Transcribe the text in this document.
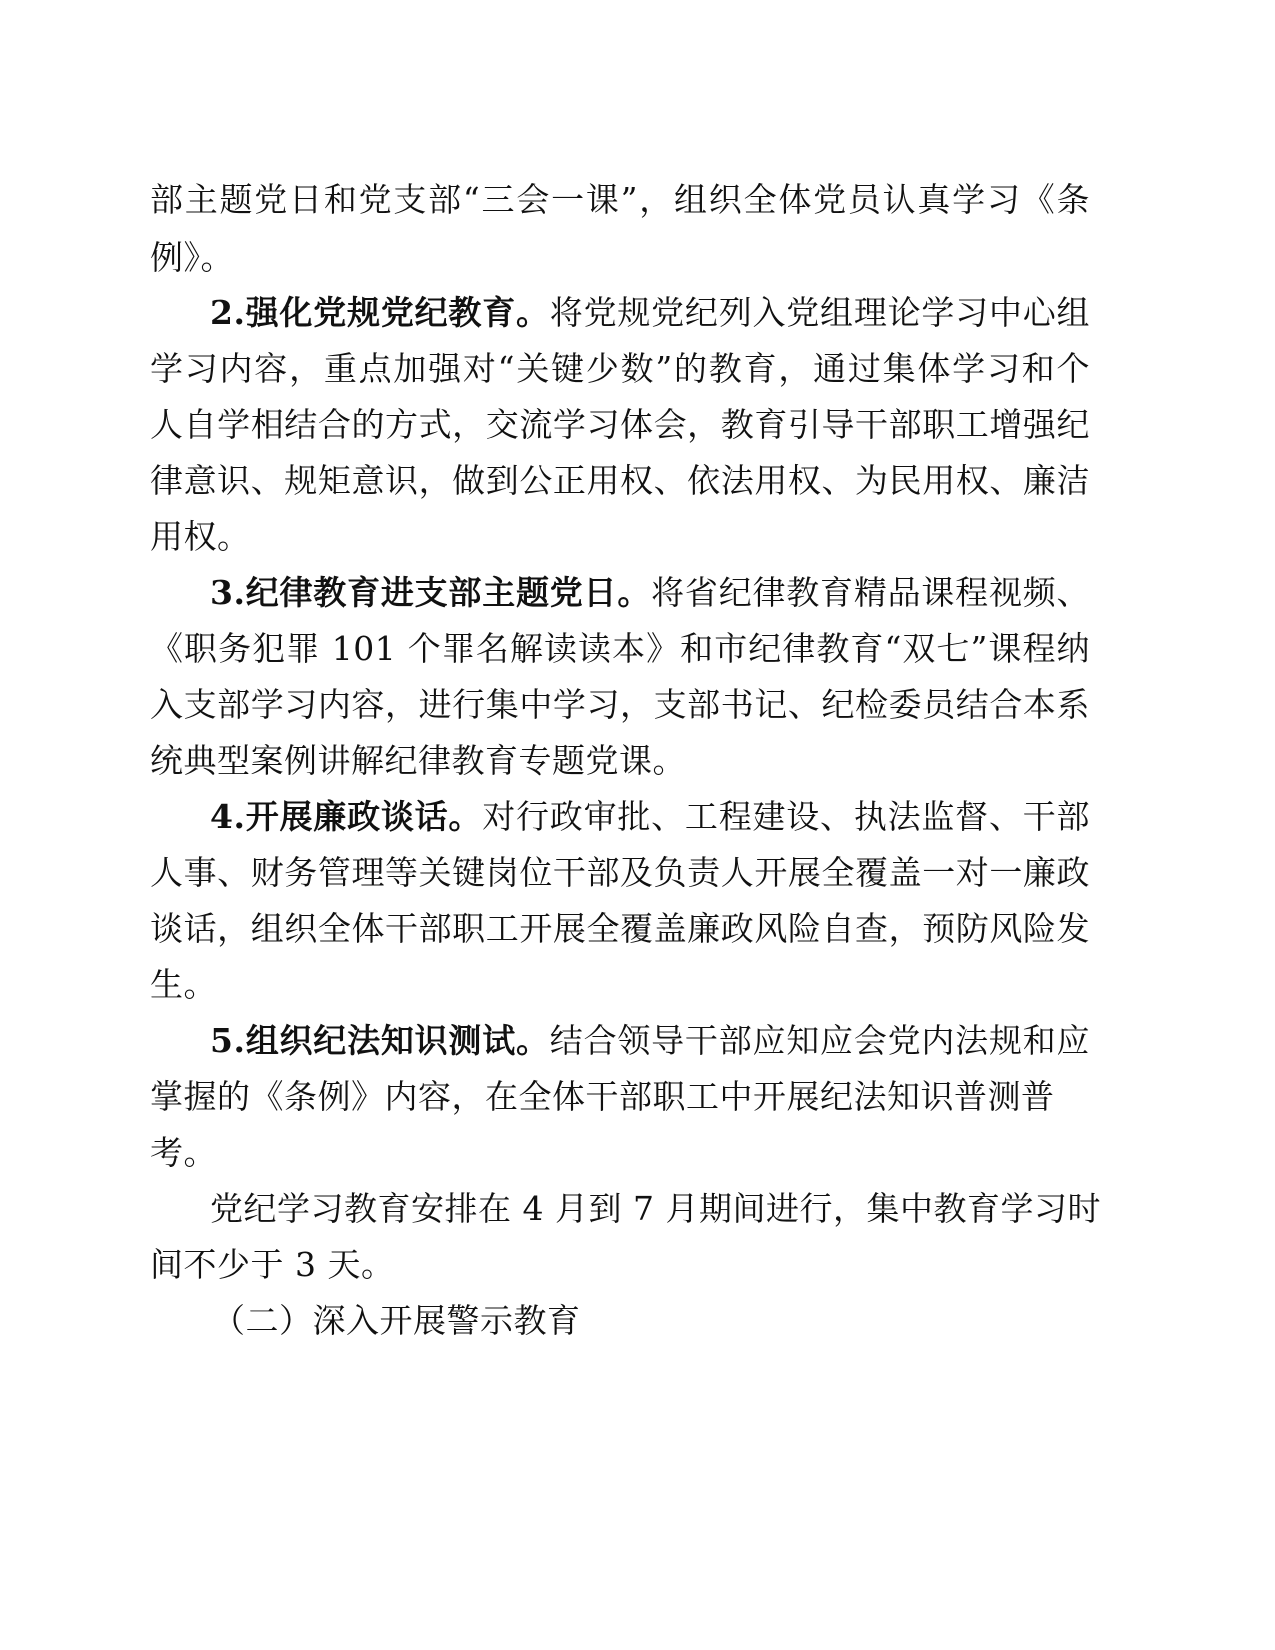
部主题党日和党支部“三会一课”，组织全体党员认真学习《条
例》。
2.强化党规党纪教育。将党规党纪列入党组理论学习中心组
学习内容，重点加强对“关键少数”的教育，通过集体学习和个
人自学相结合的方式，交流学习体会，教育引导干部职工增强纪
律意识、规矩意识，做到公正用权、依法用权、为民用权、廉洁
用权。
3.纪律教育进支部主题党日。将省纪律教育精品课程视频、
《职务犯罪 101 个罪名解读读本》和市纪律教育“双七”课程纳
入支部学习内容，进行集中学习，支部书记、纪检委员结合本系
统典型案例讲解纪律教育专题党课。
4.开展廉政谈话。对行政审批、工程建设、执法监督、干部
人事、财务管理等关键岗位干部及负责人开展全覆盖一对一廉政
谈话，组织全体干部职工开展全覆盖廉政风险自查，预防风险发
生。
5.组织纪法知识测试。结合领导干部应知应会党内法规和应
掌握的《条例》内容，在全体干部职工中开展纪法知识普测普
考。
党纪学习教育安排在 4 月到 7 月期间进行，集中教育学习时
间不少于 3 天。
（二）深入开展警示教育
